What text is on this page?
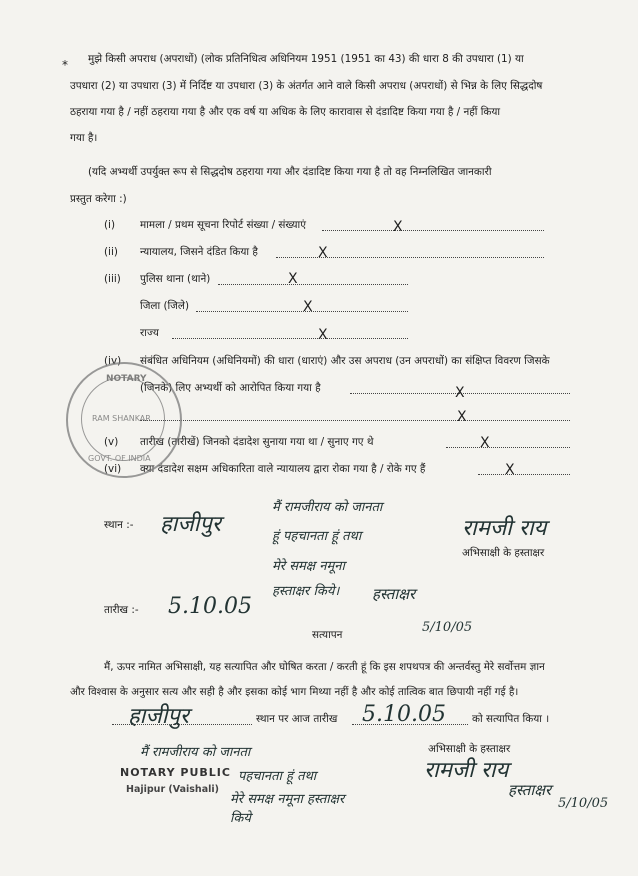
* मुझे किसी अपराध (अपराधों) (लोक प्रतिनिधित्व अधिनियम 1951 (1951 का 43) की धारा 8 की उपधारा (1) या
उपधारा (2) या उपधारा (3) में निर्दिष्ट या उपधारा (3) के अंतर्गत आने वाले किसी अपराध (अपराधों) से भिन्न के लिए सिद्धदोष
ठहराया गया है / नहीं ठहराया गया है और एक वर्ष या अधिक के लिए कारावास से दंडादिष्ट किया गया है / नहीं किया
गया है।
(यदि अभ्यर्थी उपर्युक्त रूप से सिद्धदोष ठहराया गया और दंडादिष्ट किया गया है तो वह निम्नलिखित जानकारी
प्रस्तुत करेगा :)
(i) मामला / प्रथम सूचना रिपोर्ट संख्या / संख्याएं	X
(ii) न्यायालय, जिसने दंडित किया है	X
(iii) पुलिस थाना (थाने)	X
जिला (जिले)	X
राज्य	X
(iv) संबंधित अधिनियम (अधिनियमों) की धारा (धाराएं) और उस अपराध (उन अपराधों) का संक्षिप्त विवरण जिसके
(जिनके) लिए अभ्यर्थी को आरोपित किया गया है	X
X
(v) तारीख (तारीखें) जिनको दंडादेश सुनाया गया था / सुनाए गए थे	X
(vi) क्या दंडादेश सक्षम अधिकारिता वाले न्यायालय द्वारा रोका गया है / रोके गए हैं	X
NOTARY
RAM SHANKAR
GOVT. OF INDIA
स्थान :- हाजीपुर
तारीख :- 5.10.05
मैं रामजीराय को जानता
हूं पहचानता हूं तथा
मेरे समक्ष नमूना
हस्ताक्षर किये। हस्ताक्षर
5/10/05
रामजी राय
अभिसाक्षी के हस्ताक्षर
सत्यापन
मैं, ऊपर नामित अभिसाक्षी, यह सत्यापित और घोषित करता / करती हूं कि इस शपथपत्र की अन्तर्वस्तु मेरे सर्वोत्तम ज्ञान
और विश्वास के अनुसार सत्य और सही है और इसका कोई भाग मिथ्या नहीं है और कोई तात्विक बात छिपायी नहीं गई है।
हाजीपुर	स्थान पर आज तारीख 5.10.05	को सत्यापित किया ।
अभिसाक्षी के हस्ताक्षर
रामजी राय
NOTARY PUBLIC
Hajipur (Vaishali)
मैं रामजीराय को जानता
पहचानता हूं तथा
मेरे समक्ष नमूना हस्ताक्षर
किये
हस्ताक्षर
5/10/05
